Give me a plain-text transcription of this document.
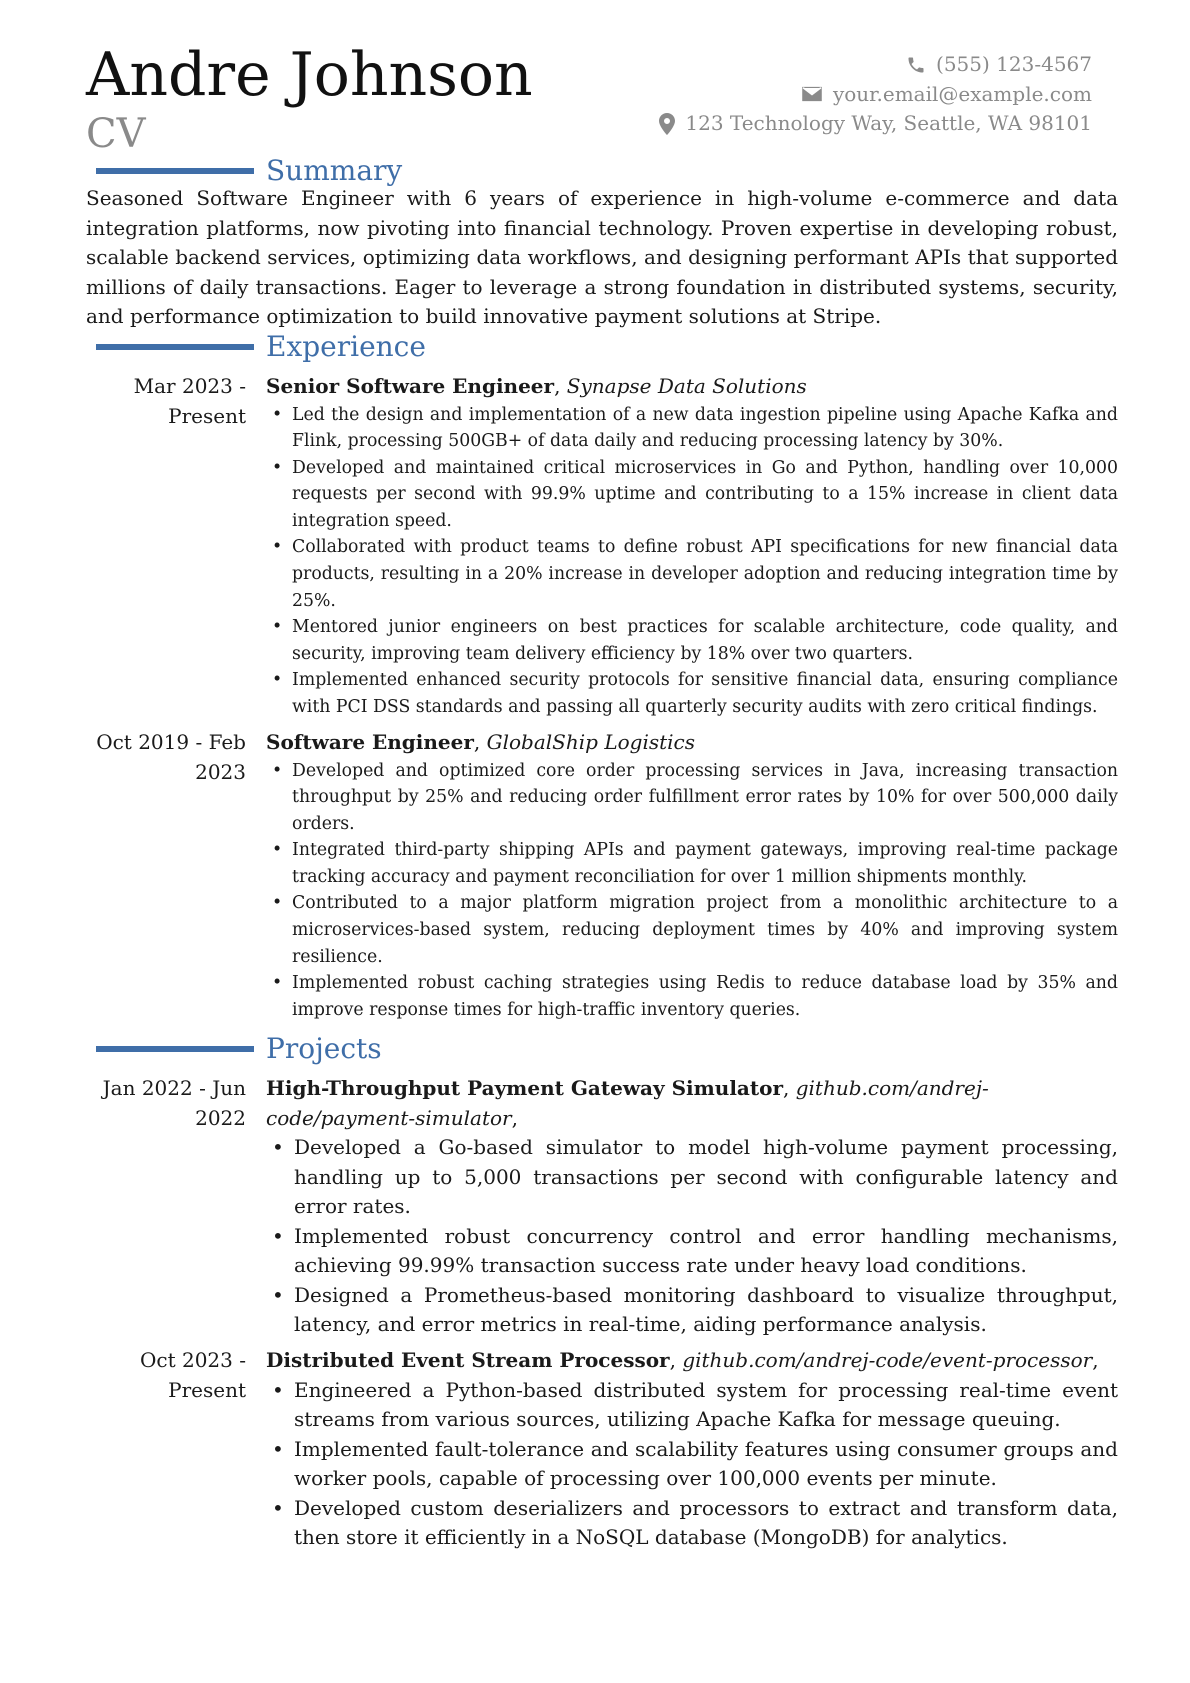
Andre Johnson
CV
(555) 123-4567
your.email@example.com
123 Technology Way, Seattle, WA 98101
Summary
Seasoned Software Engineer with 6 years of experience in high-volume e-commerce and data integration platforms, now pivoting into financial technology. Proven expertise in developing robust, scalable backend services, optimizing data workflows, and designing performant APIs that supported millions of daily transactions. Eager to leverage a strong foundation in distributed systems, security, and performance optimization to build innovative payment solutions at Stripe.
Experience
Mar 2023 - Present
Senior Software Engineer, Synapse Data Solutions
• Led the design and implementation of a new data ingestion pipeline using Apache Kafka and Flink, processing 500GB+ of data daily and reducing processing latency by 30%.
• Developed and maintained critical microservices in Go and Python, handling over 10,000 requests per second with 99.9% uptime and contributing to a 15% increase in client data integration speed.
• Collaborated with product teams to define robust API specifications for new financial data products, resulting in a 20% increase in developer adoption and reducing integration time by 25%.
• Mentored junior engineers on best practices for scalable architecture, code quality, and security, improving team delivery efficiency by 18% over two quarters.
• Implemented enhanced security protocols for sensitive financial data, ensuring compliance with PCI DSS standards and passing all quarterly security audits with zero critical findings.
Oct 2019 - Feb 2023
Software Engineer, GlobalShip Logistics
• Developed and optimized core order processing services in Java, increasing transaction throughput by 25% and reducing order fulfillment error rates by 10% for over 500,000 daily orders.
• Integrated third-party shipping APIs and payment gateways, improving real-time package tracking accuracy and payment reconciliation for over 1 million shipments monthly.
• Contributed to a major platform migration project from a monolithic architecture to a microservices-based system, reducing deployment times by 40% and improving system resilience.
• Implemented robust caching strategies using Redis to reduce database load by 35% and improve response times for high-traffic inventory queries.
Projects
Jan 2022 - Jun 2022
High-Throughput Payment Gateway Simulator, github.com/andrej-code/payment-simulator,
• Developed a Go-based simulator to model high-volume payment processing, handling up to 5,000 transactions per second with configurable latency and error rates.
• Implemented robust concurrency control and error handling mechanisms, achieving 99.99% transaction success rate under heavy load conditions.
• Designed a Prometheus-based monitoring dashboard to visualize throughput, latency, and error metrics in real-time, aiding performance analysis.
Oct 2023 - Present
Distributed Event Stream Processor, github.com/andrej-code/event-processor,
• Engineered a Python-based distributed system for processing real-time event streams from various sources, utilizing Apache Kafka for message queuing.
• Implemented fault-tolerance and scalability features using consumer groups and worker pools, capable of processing over 100,000 events per minute.
• Developed custom deserializers and processors to extract and transform data, then store it efficiently in a NoSQL database (MongoDB) for analytics.
